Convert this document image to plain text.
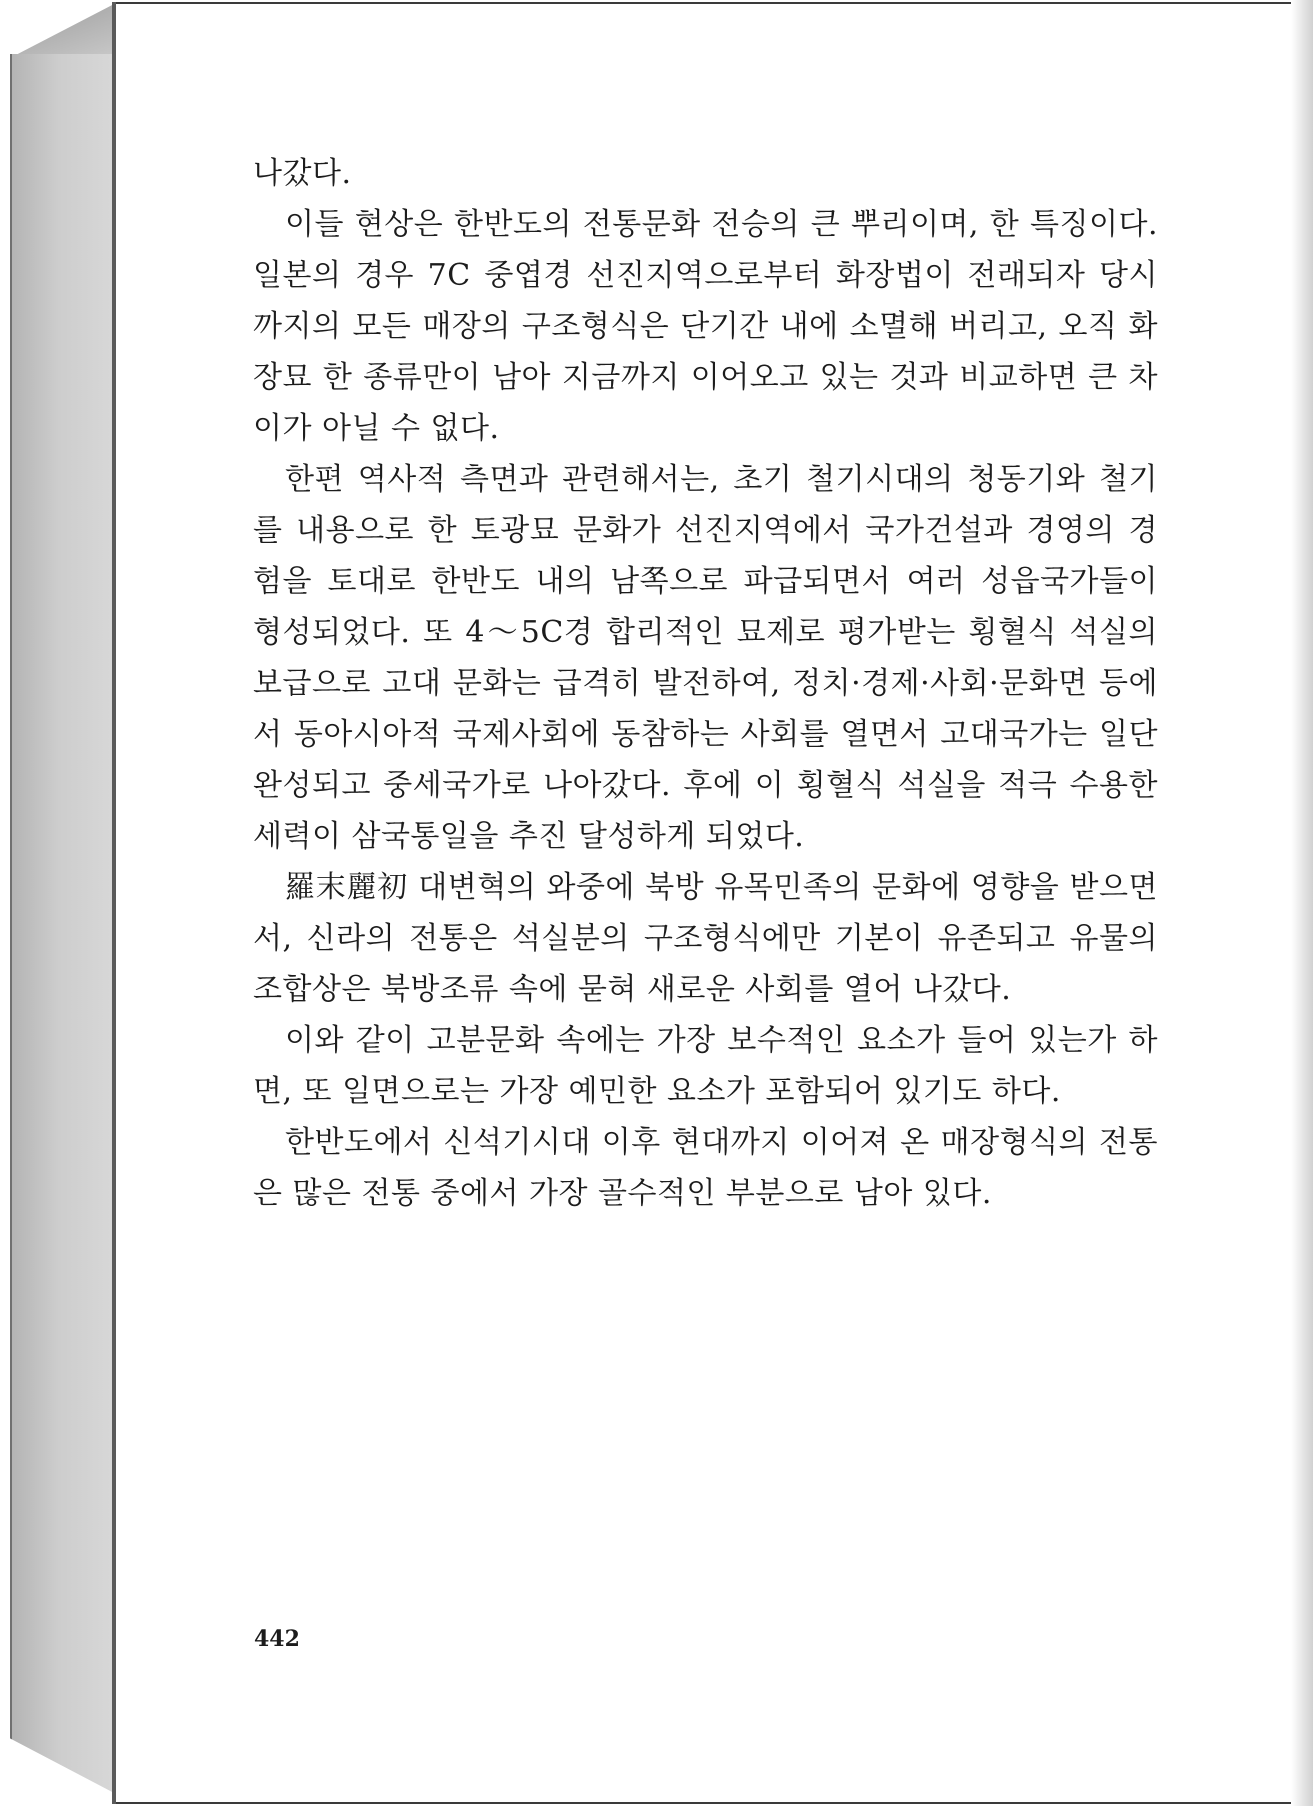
나갔다.

이들 현상은 한반도의 전통문화 전승의 큰 뿌리이며, 한 특징이다. 일본의 경우 7C 중엽경 선진지역으로부터 화장법이 전래되자 당시까지의 모든 매장의 구조형식은 단기간 내에 소멸해 버리고, 오직 화장묘 한 종류만이 남아 지금까지 이어오고 있는 것과 비교하면 큰 차이가 아닐 수 없다.

한편 역사적 측면과 관련해서는, 초기 철기시대의 청동기와 철기를 내용으로 한 토광묘 문화가 선진지역에서 국가건설과 경영의 경험을 토대로 한반도 내의 남쪽으로 파급되면서 여러 성읍국가들이 형성되었다. 또 4～5C경 합리적인 묘제로 평가받는 횡혈식 석실의 보급으로 고대 문화는 급격히 발전하여, 정치·경제·사회·문화면 등에서 동아시아적 국제사회에 동참하는 사회를 열면서 고대국가는 일단 완성되고 중세국가로 나아갔다. 후에 이 횡혈식 석실을 적극 수용한 세력이 삼국통일을 추진 달성하게 되었다.

羅末麗初 대변혁의 와중에 북방 유목민족의 문화에 영향을 받으면서, 신라의 전통은 석실분의 구조형식에만 기본이 유존되고 유물의 조합상은 북방조류 속에 묻혀 새로운 사회를 열어 나갔다.

이와 같이 고분문화 속에는 가장 보수적인 요소가 들어 있는가 하면, 또 일면으로는 가장 예민한 요소가 포함되어 있기도 하다.

한반도에서 신석기시대 이후 현대까지 이어져 온 매장형식의 전통은 많은 전통 중에서 가장 골수적인 부분으로 남아 있다.

442
